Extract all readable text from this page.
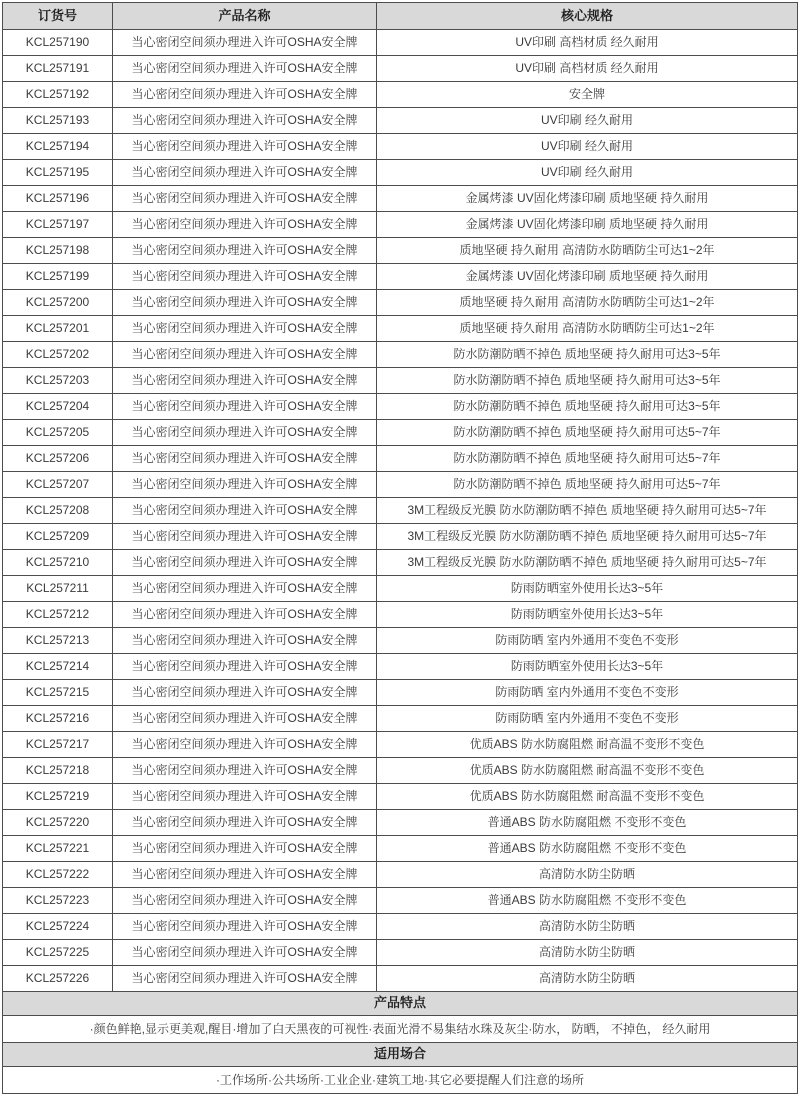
订货号	产品名称	核心规格
KCL257190	当心密闭空间须办理进入许可OSHA安全牌	UV印刷 高档材质 经久耐用
KCL257191	当心密闭空间须办理进入许可OSHA安全牌	UV印刷 高档材质 经久耐用
KCL257192	当心密闭空间须办理进入许可OSHA安全牌	安全牌
KCL257193	当心密闭空间须办理进入许可OSHA安全牌	UV印刷 经久耐用
KCL257194	当心密闭空间须办理进入许可OSHA安全牌	UV印刷 经久耐用
KCL257195	当心密闭空间须办理进入许可OSHA安全牌	UV印刷 经久耐用
KCL257196	当心密闭空间须办理进入许可OSHA安全牌	金属烤漆 UV固化烤漆印刷 质地坚硬 持久耐用
KCL257197	当心密闭空间须办理进入许可OSHA安全牌	金属烤漆 UV固化烤漆印刷 质地坚硬 持久耐用
KCL257198	当心密闭空间须办理进入许可OSHA安全牌	质地坚硬 持久耐用 高清防水防晒防尘可达1~2年
KCL257199	当心密闭空间须办理进入许可OSHA安全牌	金属烤漆 UV固化烤漆印刷 质地坚硬 持久耐用
KCL257200	当心密闭空间须办理进入许可OSHA安全牌	质地坚硬 持久耐用 高清防水防晒防尘可达1~2年
KCL257201	当心密闭空间须办理进入许可OSHA安全牌	质地坚硬 持久耐用 高清防水防晒防尘可达1~2年
KCL257202	当心密闭空间须办理进入许可OSHA安全牌	防水防潮防晒不掉色 质地坚硬 持久耐用可达3~5年
KCL257203	当心密闭空间须办理进入许可OSHA安全牌	防水防潮防晒不掉色 质地坚硬 持久耐用可达3~5年
KCL257204	当心密闭空间须办理进入许可OSHA安全牌	防水防潮防晒不掉色 质地坚硬 持久耐用可达3~5年
KCL257205	当心密闭空间须办理进入许可OSHA安全牌	防水防潮防晒不掉色 质地坚硬 持久耐用可达5~7年
KCL257206	当心密闭空间须办理进入许可OSHA安全牌	防水防潮防晒不掉色 质地坚硬 持久耐用可达5~7年
KCL257207	当心密闭空间须办理进入许可OSHA安全牌	防水防潮防晒不掉色 质地坚硬 持久耐用可达5~7年
KCL257208	当心密闭空间须办理进入许可OSHA安全牌	3M工程级反光膜 防水防潮防晒不掉色 质地坚硬 持久耐用可达5~7年
KCL257209	当心密闭空间须办理进入许可OSHA安全牌	3M工程级反光膜 防水防潮防晒不掉色 质地坚硬 持久耐用可达5~7年
KCL257210	当心密闭空间须办理进入许可OSHA安全牌	3M工程级反光膜 防水防潮防晒不掉色 质地坚硬 持久耐用可达5~7年
KCL257211	当心密闭空间须办理进入许可OSHA安全牌	防雨防晒室外使用长达3~5年
KCL257212	当心密闭空间须办理进入许可OSHA安全牌	防雨防晒室外使用长达3~5年
KCL257213	当心密闭空间须办理进入许可OSHA安全牌	防雨防晒 室内外通用不变色不变形
KCL257214	当心密闭空间须办理进入许可OSHA安全牌	防雨防晒室外使用长达3~5年
KCL257215	当心密闭空间须办理进入许可OSHA安全牌	防雨防晒 室内外通用不变色不变形
KCL257216	当心密闭空间须办理进入许可OSHA安全牌	防雨防晒 室内外通用不变色不变形
KCL257217	当心密闭空间须办理进入许可OSHA安全牌	优质ABS 防水防腐阻燃 耐高温不变形不变色
KCL257218	当心密闭空间须办理进入许可OSHA安全牌	优质ABS 防水防腐阻燃 耐高温不变形不变色
KCL257219	当心密闭空间须办理进入许可OSHA安全牌	优质ABS 防水防腐阻燃 耐高温不变形不变色
KCL257220	当心密闭空间须办理进入许可OSHA安全牌	普通ABS 防水防腐阻燃 不变形不变色
KCL257221	当心密闭空间须办理进入许可OSHA安全牌	普通ABS 防水防腐阻燃 不变形不变色
KCL257222	当心密闭空间须办理进入许可OSHA安全牌	高清防水防尘防晒
KCL257223	当心密闭空间须办理进入许可OSHA安全牌	普通ABS 防水防腐阻燃 不变形不变色
KCL257224	当心密闭空间须办理进入许可OSHA安全牌	高清防水防尘防晒
KCL257225	当心密闭空间须办理进入许可OSHA安全牌	高清防水防尘防晒
KCL257226	当心密闭空间须办理进入许可OSHA安全牌	高清防水防尘防晒
产品特点		
·颜色鲜艳,显示更美观,醒目·增加了白天黑夜的可视性·表面光滑不易集结水珠及灰尘·防水， 防晒， 不掉色， 经久耐用		
适用场合		
·工作场所·公共场所·工业企业·建筑工地·其它必要提醒人们注意的场所		
